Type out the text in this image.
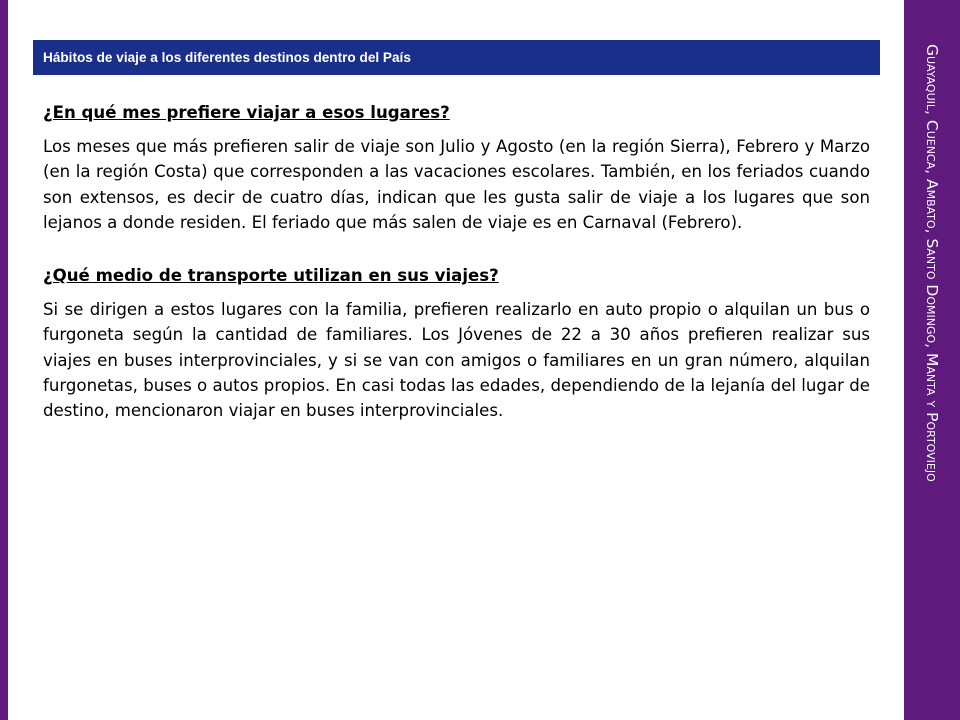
Guayaquil, Cuenca, Ambato, Santo Domingo, Manta y Portoviejo
Hábitos de viaje a los diferentes destinos dentro del País

¿En qué mes prefiere viajar a esos lugares?

Los meses que más prefieren salir de viaje son Julio y Agosto (en la región Sierra), Febrero y Marzo (en la región Costa) que corresponden a las vacaciones escolares. También, en los feriados cuando son extensos, es decir de cuatro días, indican que les gusta salir de viaje a los lugares que son lejanos a donde residen. El feriado que más salen de viaje es en Carnaval (Febrero).

¿Qué medio de transporte utilizan en sus viajes?

Si se dirigen a estos lugares con la familia, prefieren realizarlo en auto propio o alquilan un bus o furgoneta según la cantidad de familiares. Los Jóvenes de 22 a 30 años prefieren realizar sus viajes en buses interprovinciales, y si se van con amigos o familiares en un gran número, alquilan furgonetas, buses o autos propios. En casi todas las edades, dependiendo de la lejanía del lugar de destino, mencionaron viajar en buses interprovinciales.
